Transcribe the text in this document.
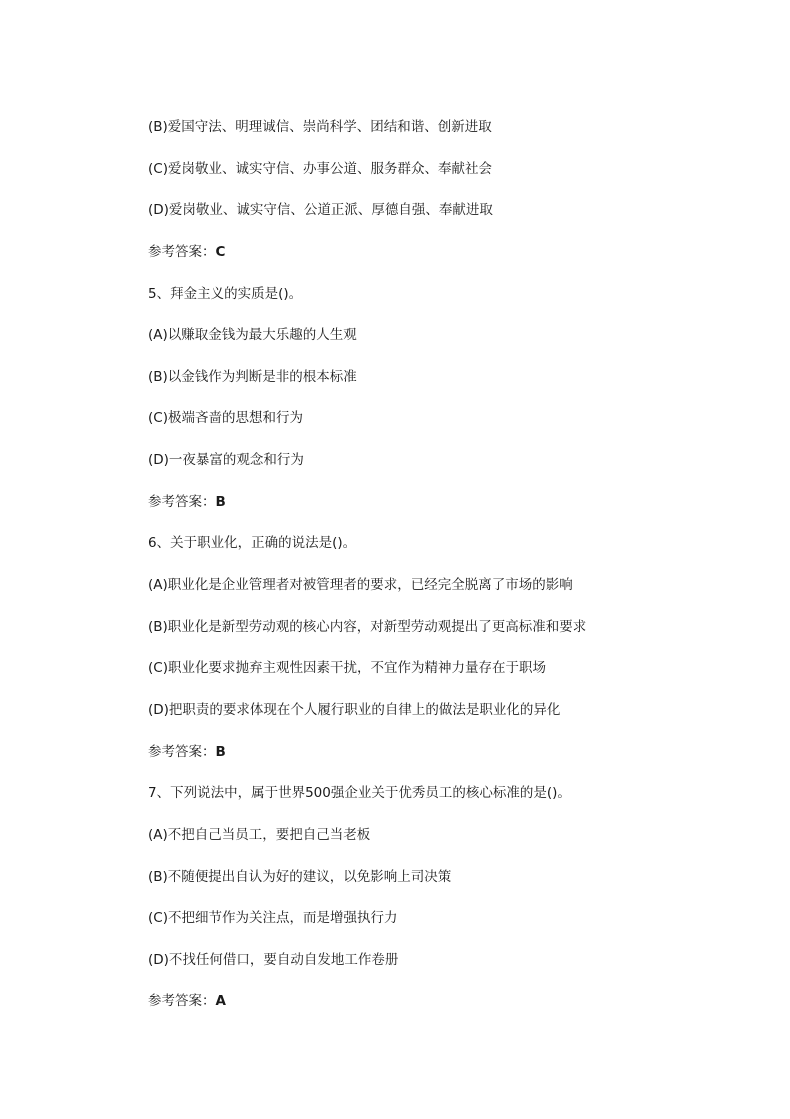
(B)爱国守法、明理诚信、崇尚科学、团结和谐、创新进取
(C)爱岗敬业、诚实守信、办事公道、服务群众、奉献社会
(D)爱岗敬业、诚实守信、公道正派、厚德自强、奉献进取
参考答案：C
5、拜金主义的实质是()。
(A)以赚取金钱为最大乐趣的人生观
(B)以金钱作为判断是非的根本标准
(C)极端吝啬的思想和行为
(D)一夜暴富的观念和行为
参考答案：B
6、关于职业化，正确的说法是()。
(A)职业化是企业管理者对被管理者的要求，已经完全脱离了市场的影响
(B)职业化是新型劳动观的核心内容，对新型劳动观提出了更高标准和要求
(C)职业化要求抛弃主观性因素干扰，不宜作为精神力量存在于职场
(D)把职责的要求体现在个人履行职业的自律上的做法是职业化的异化
参考答案：B
7、下列说法中，属于世界500强企业关于优秀员工的核心标准的是()。
(A)不把自己当员工，要把自己当老板
(B)不随便提出自认为好的建议，以免影响上司决策
(C)不把细节作为关注点，而是增强执行力
(D)不找任何借口，要自动自发地工作卷册
参考答案：A
